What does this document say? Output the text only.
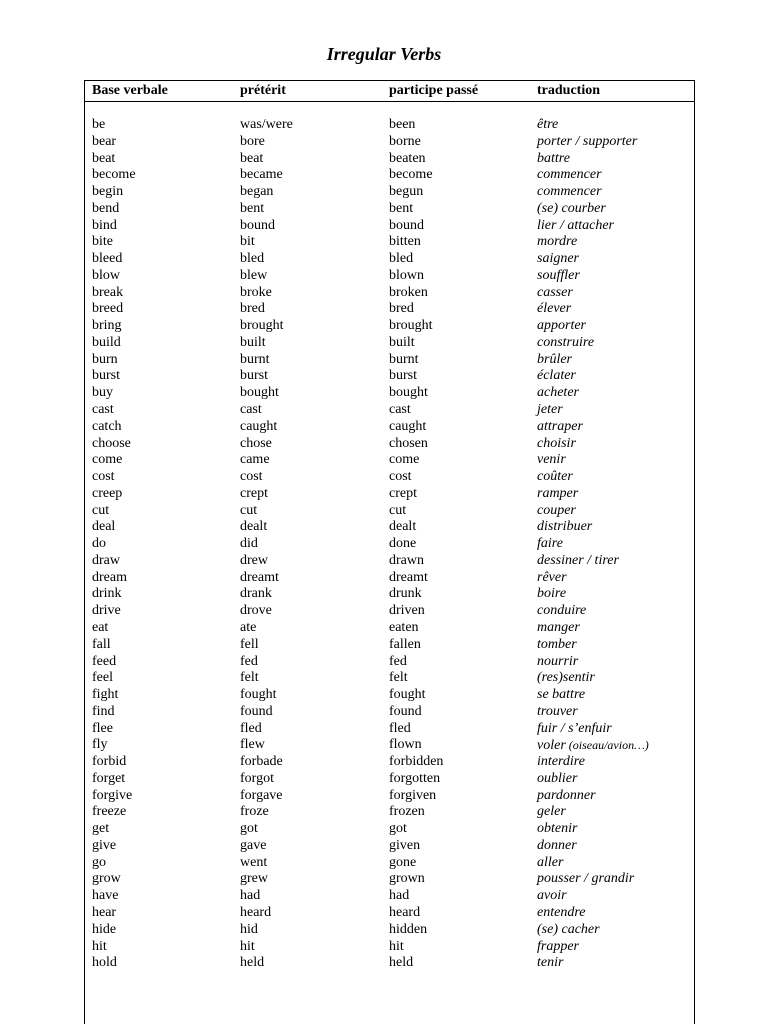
Irregular Verbs
Base verbale	prétérit	participe passé	traduction
be	was/were	been	être
bear	bore	borne	porter / supporter
beat	beat	beaten	battre
become	became	become	commencer
begin	began	begun	commencer
bend	bent	bent	(se) courber
bind	bound	bound	lier / attacher
bite	bit	bitten	mordre
bleed	bled	bled	saigner
blow	blew	blown	souffler
break	broke	broken	casser
breed	bred	bred	élever
bring	brought	brought	apporter
build	built	built	construire
burn	burnt	burnt	brûler
burst	burst	burst	éclater
buy	bought	bought	acheter
cast	cast	cast	jeter
catch	caught	caught	attraper
choose	chose	chosen	choisir
come	came	come	venir
cost	cost	cost	coûter
creep	crept	crept	ramper
cut	cut	cut	couper
deal	dealt	dealt	distribuer
do	did	done	faire
draw	drew	drawn	dessiner / tirer
dream	dreamt	dreamt	rêver
drink	drank	drunk	boire
drive	drove	driven	conduire
eat	ate	eaten	manger
fall	fell	fallen	tomber
feed	fed	fed	nourrir
feel	felt	felt	(res)sentir
fight	fought	fought	se battre
find	found	found	trouver
flee	fled	fled	fuir / s’enfuir
fly	flew	flown	voler (oiseau/avion…)
forbid	forbade	forbidden	interdire
forget	forgot	forgotten	oublier
forgive	forgave	forgiven	pardonner
freeze	froze	frozen	geler
get	got	got	obtenir
give	gave	given	donner
go	went	gone	aller
grow	grew	grown	pousser / grandir
have	had	had	avoir
hear	heard	heard	entendre
hide	hid	hidden	(se) cacher
hit	hit	hit	frapper
hold	held	held	tenir
